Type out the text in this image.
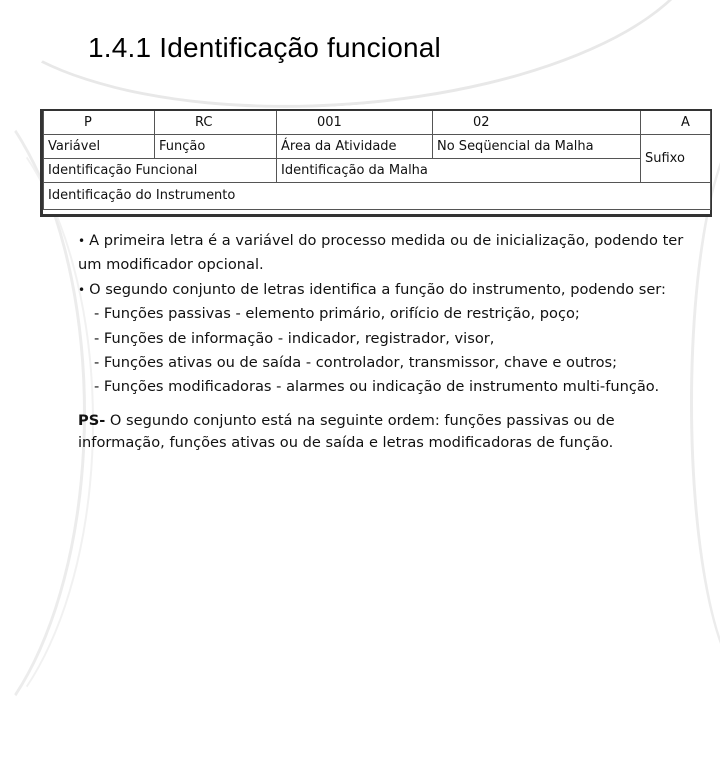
1.4.1 Identificação funcional
P	RC	001	02	A
Variável	Função	Área da Atividade	No Seqüencial da Malha	Sufixo
Identificação Funcional		Identificação da Malha		
Identificação do Instrumento				

• A primeira letra é a variável do processo medida ou de inicialização, podendo ter um modificador opcional.

• O segundo conjunto de letras identifica a função do instrumento, podendo ser:

- Funções passivas - elemento primário, orifício de restrição, poço;

- Funções de informação - indicador, registrador, visor,

- Funções ativas ou de saída - controlador, transmissor, chave e outros;

- Funções modificadoras - alarmes ou indicação de instrumento multi-função.

PS- O segundo conjunto está na seguinte ordem: funções passivas ou de informação, funções ativas ou de saída e letras modificadoras de função.
